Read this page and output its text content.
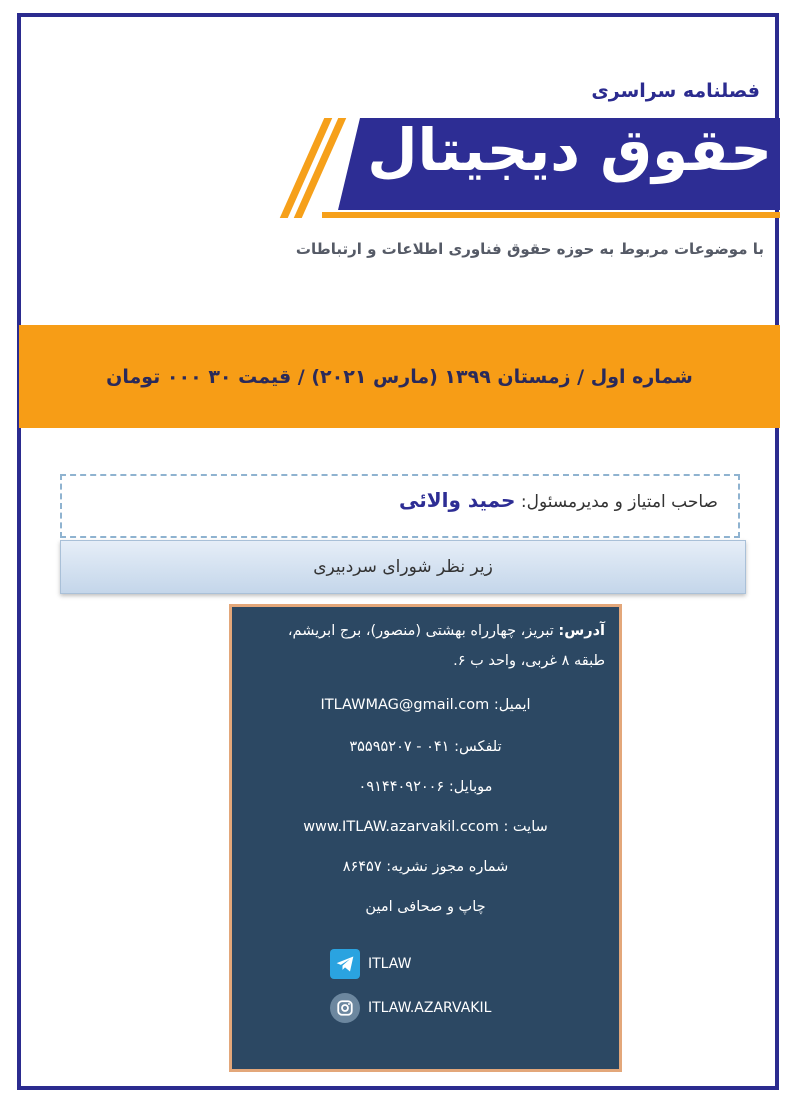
فصلنامه سراسری
حقوق دیجیتال
با موضوعات مربوط به حوزه حقوق فناوری اطلاعات و ارتباطات
شماره اول / زمستان ۱۳۹۹ (مارس ۲۰۲۱) / قیمت ۳۰ ۰۰۰ تومان
صاحب امتیاز و مدیرمسئول: حمید والائی
زیر نظر شورای سردبیری
آدرس: تبریز، چهارراه بهشتی (منصور)، برج ابریشم،
طبقه ۸ غربی، واحد ب ۶.
ایمیل: ITLAWMAG@gmail.com
تلفکس: ۰۴۱ - ۳۵۵۹۵۲۰۷
موبایل: ۰۹۱۴۴۰۹۲۰۰۶
سایت : www.ITLAW.azarvakil.ccom
شماره مجوز نشریه: ۸۶۴۵۷
چاپ و صحافی امین
ITLAW
ITLAW.AZARVAKIL
